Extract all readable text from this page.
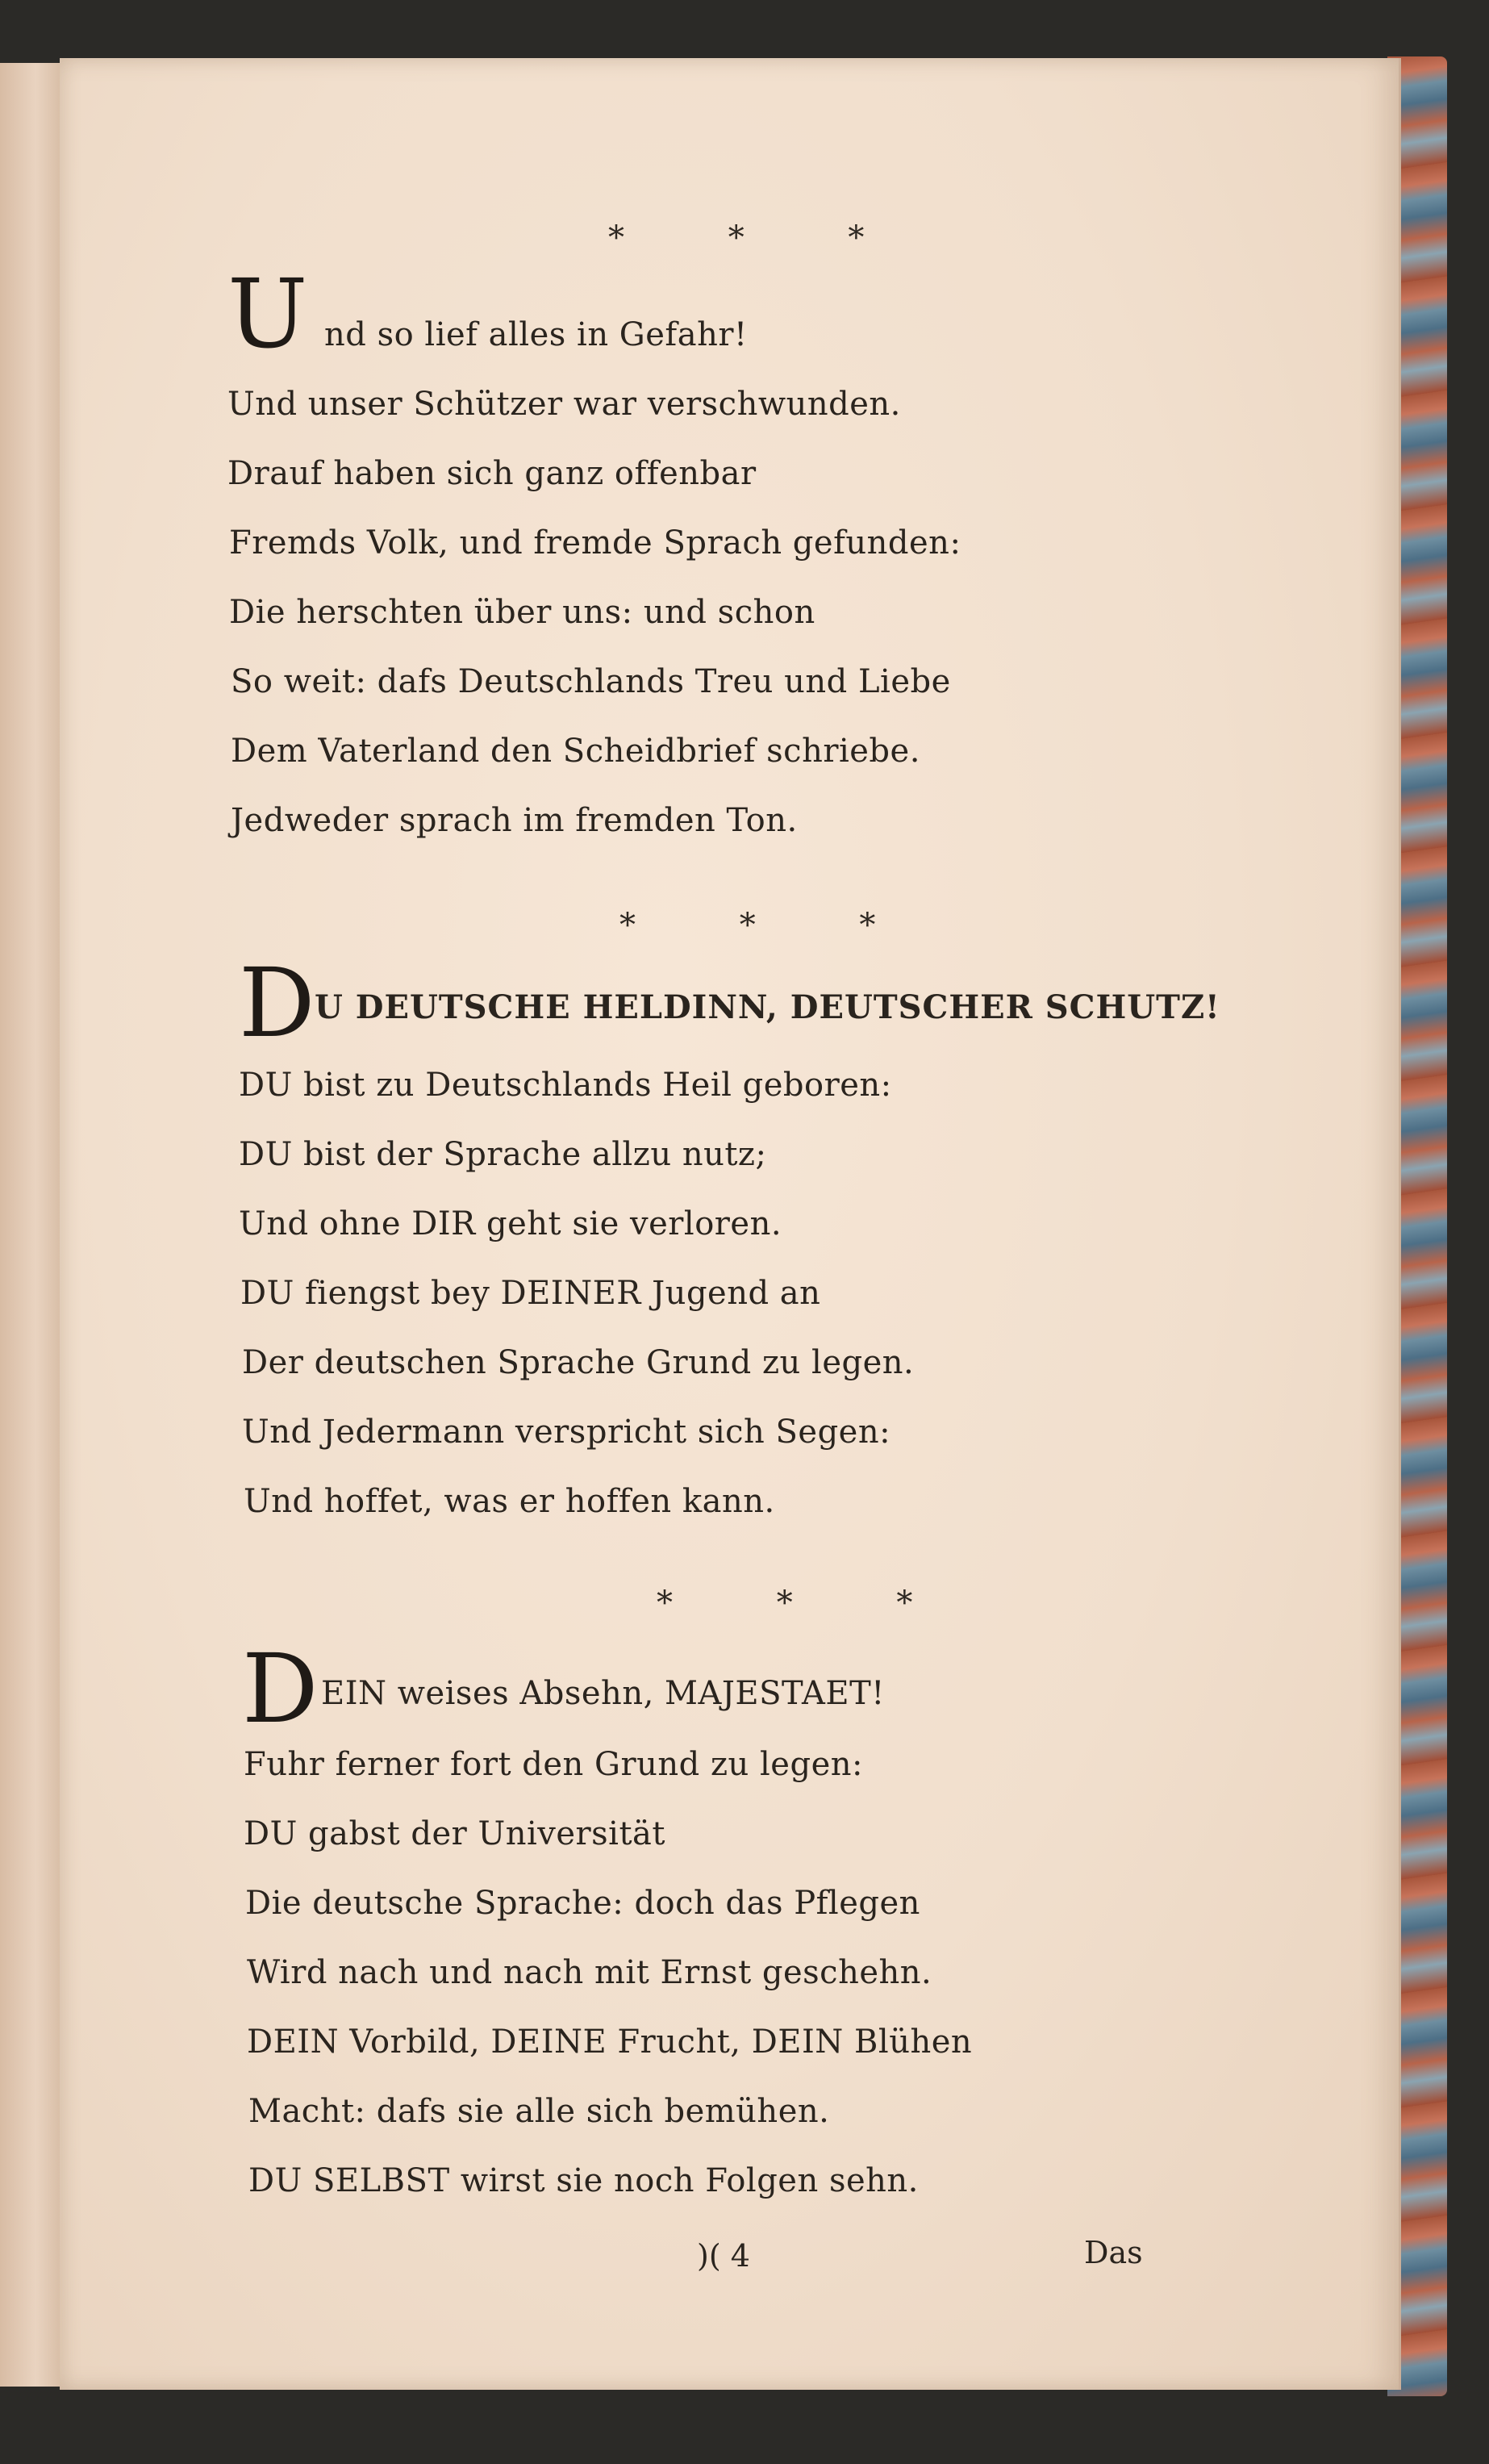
* * *
U nd so lief alles in Gefahr!
Und unser Schützer war verschwunden.
Drauf haben sich ganz offenbar
Fremds Volk, und fremde Sprach gefunden:
Die herschten über uns: und schon
So weit: dafs Deutschlands Treu und Liebe
Dem Vaterland den Scheidbrief schriebe.
Jedweder sprach im fremden Ton.
* * *
D U DEUTSCHE HELDINN, DEUTSCHER SCHUTZ!
DU bist zu Deutschlands Heil geboren:
DU bist der Sprache allzu nutz;
Und ohne DIR geht sie verloren.
DU fiengst bey DEINER Jugend an
Der deutschen Sprache Grund zu legen.
Und Jedermann verspricht sich Segen:
Und hoffet, was er hoffen kann.
* * *
D EIN weises Absehn, MAJESTAET!
Fuhr ferner fort den Grund zu legen:
DU gabst der Universität
Die deutsche Sprache: doch das Pflegen
Wird nach und nach mit Ernst geschehn.
DEIN Vorbild, DEINE Frucht, DEIN Blühen
Macht: dafs sie alle sich bemühen.
DU SELBST wirst sie noch Folgen sehn.
)( 4	Das
